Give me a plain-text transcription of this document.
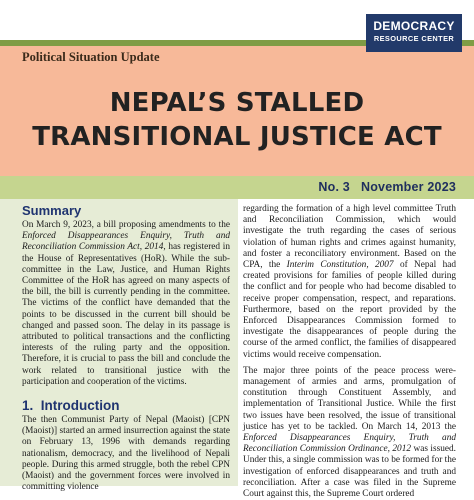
DEMOCRACY
RESOURCE CENTER
Political Situation Update
NEPAL’S STALLED
TRANSITIONAL JUSTICE ACT
No. 3 November 2023
Summary

On March 9, 2023, a bill proposing amendments to the Enforced Disappearances Enquiry, Truth and Reconciliation Commission Act, 2014, has registered in the House of Representatives (HoR). While the sub-committee in the Law, Justice, and Human Rights Committee of the HoR has agreed on many aspects of the bill, the bill is currently pending in the committee. The victims of the conflict have demanded that the points to be discussed in the current bill should be changed and passed soon. The delay in its passage is attributed to political transactions and the conflicting interests of the ruling party and the opposition. Therefore, it is crucial to pass the bill and conclude the work related to transitional justice with the participation and cooperation of the victims.

1. Introduction

The then Communist Party of Nepal (Maoist) [CPN (Maoist)] started an armed insurrection against the state on February 13, 1996 with demands regarding nationalism, democracy, and the livelihood of Nepali people. During this armed struggle, both the rebel CPN (Maoist) and the government forces were involved in committing violence

regarding the formation of a high level committee Truth and Reconciliation Commission, which would investigate the truth regarding the cases of serious violation of human rights and crimes against humanity, and foster a reconciliatory environment. Based on the CPA, the Interim Constitution, 2007 of Nepal had created provisions for families of people killed during the conflict and for people who had become disabled to receive proper compensation, respect, and reparations. Furthermore, based on the report provided by the Enforced Disappearances Commission formed to investigate the disappearances of people during the course of the armed conflict, the families of disappeared victims would receive compensation.

The major three points of the peace process were- management of armies and arms, promulgation of constitution through Constituent Assembly, and implementation of Transitional Justice. While the first two issues have been resolved, the issue of transitional justice has yet to be tackled. On March 14, 2013 the Enforced Disappearances Enquiry, Truth and Reconciliation Commission Ordinance, 2012 was issued. Under this, a single commission was to be formed for the investigation of enforced disappearances and truth and reconciliation. After a case was filed in the Supreme Court against this, the Supreme Court ordered
